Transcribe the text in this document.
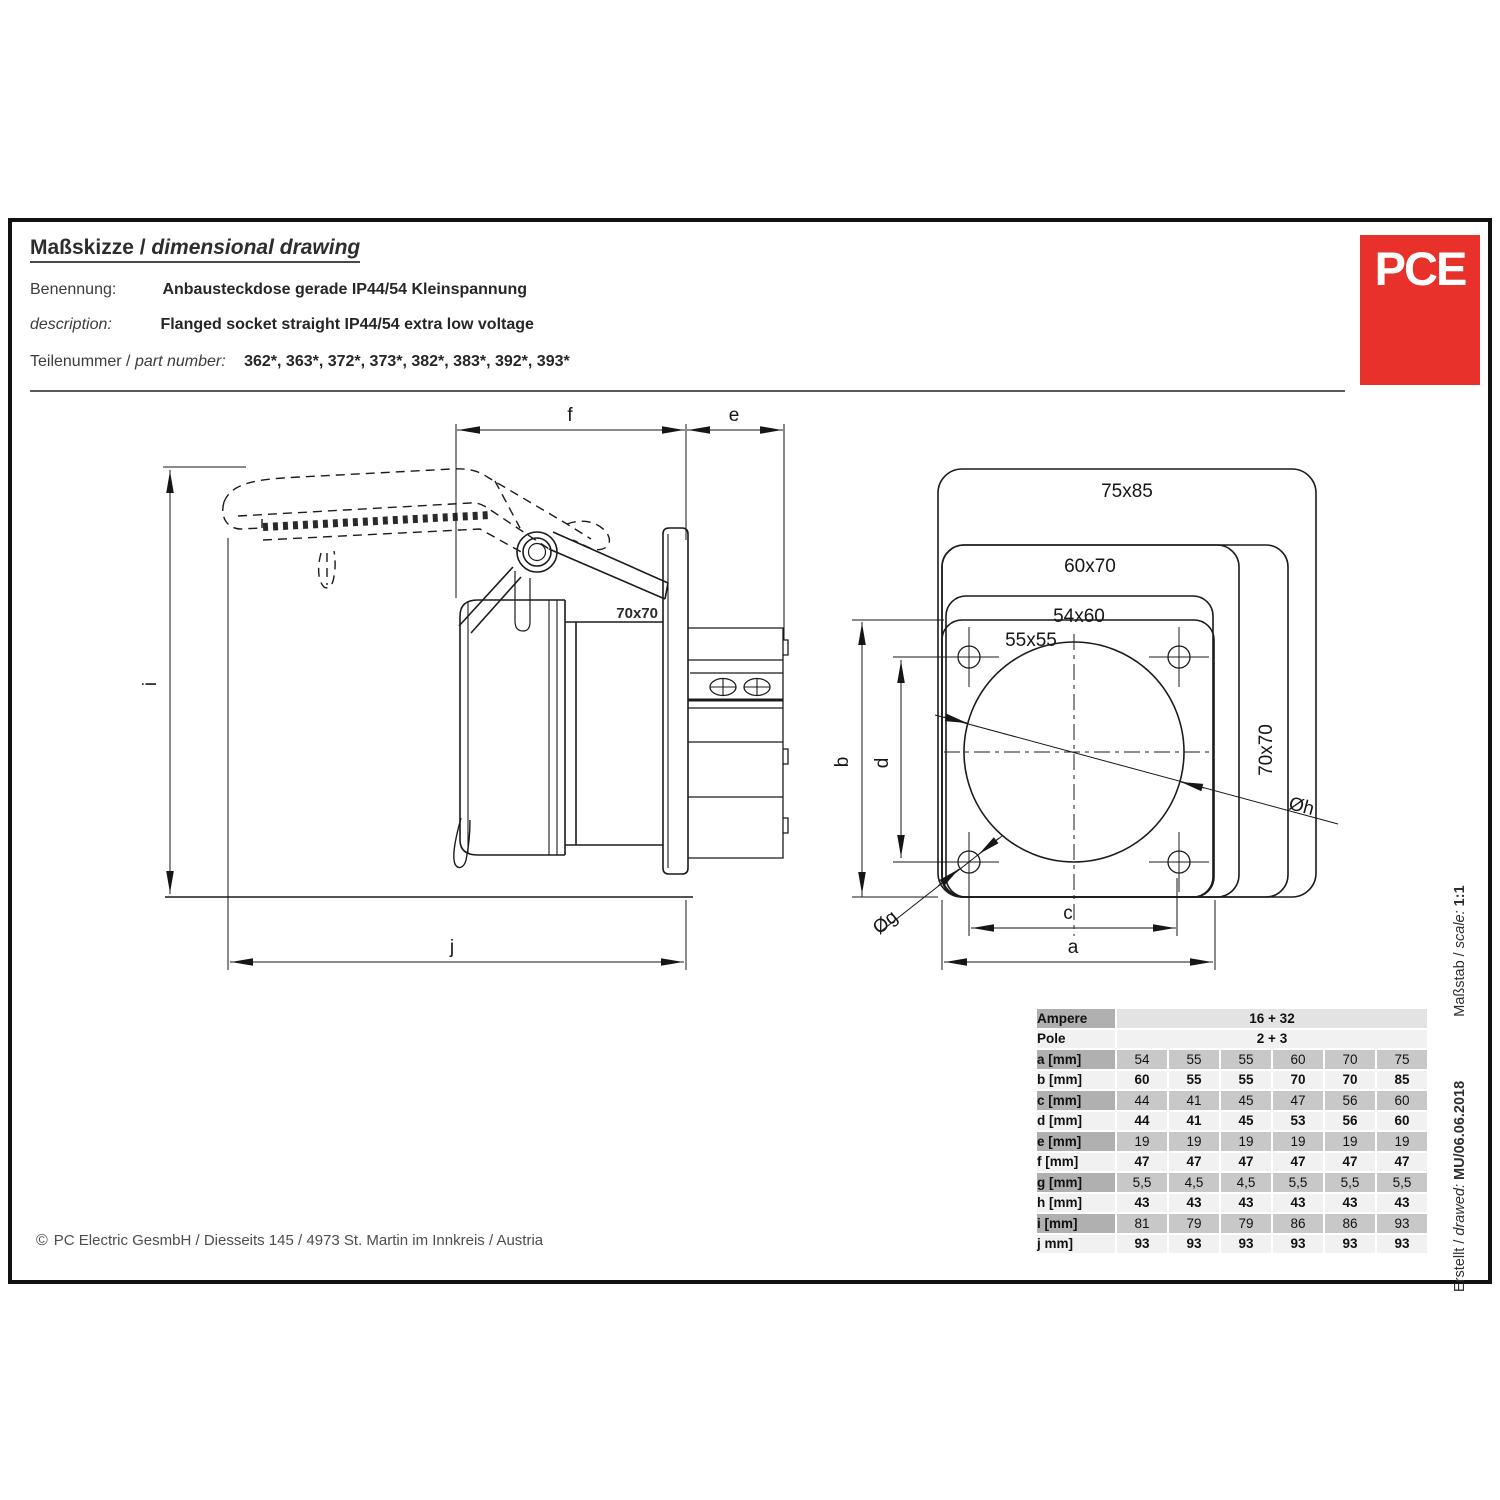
Maßskizze / dimensional drawing
Benennung:	Anbausteckdose gerade IP44/54 Kleinspannung
description:	Flanged socket straight IP44/54 extra low voltage
Teilenummer / part number: 362*, 363*, 372*, 373*, 382*, 383*, 392*, 393*
PCE
f	e
i
j
70x70
75x85
60x70
54x60
55x55
70x70
b d
c
a
Øg
Øh
Ampere	16 + 32					
Pole	2 + 3					
a [mm]	54	55	55	60	70	75
b [mm]	60	55	55	70	70	85
c [mm]	44	41	45	47	56	60
d [mm]	44	41	45	53	56	60
e [mm]	19	19	19	19	19	19
f [mm]	47	47	47	47	47	47
g [mm]	5,5	4,5	4,5	5,5	5,5	5,5
h [mm]	43	43	43	43	43	43
i [mm]	81	79	79	86	86	93
j mm]	93	93	93	93	93	93	Erstellt / drawed: MU/06.06.2018  Maßstab / scale: 1:1
© PC Electric GesmbH / Diesseits 145 / 4973 St. Martin im Innkreis / Austria
